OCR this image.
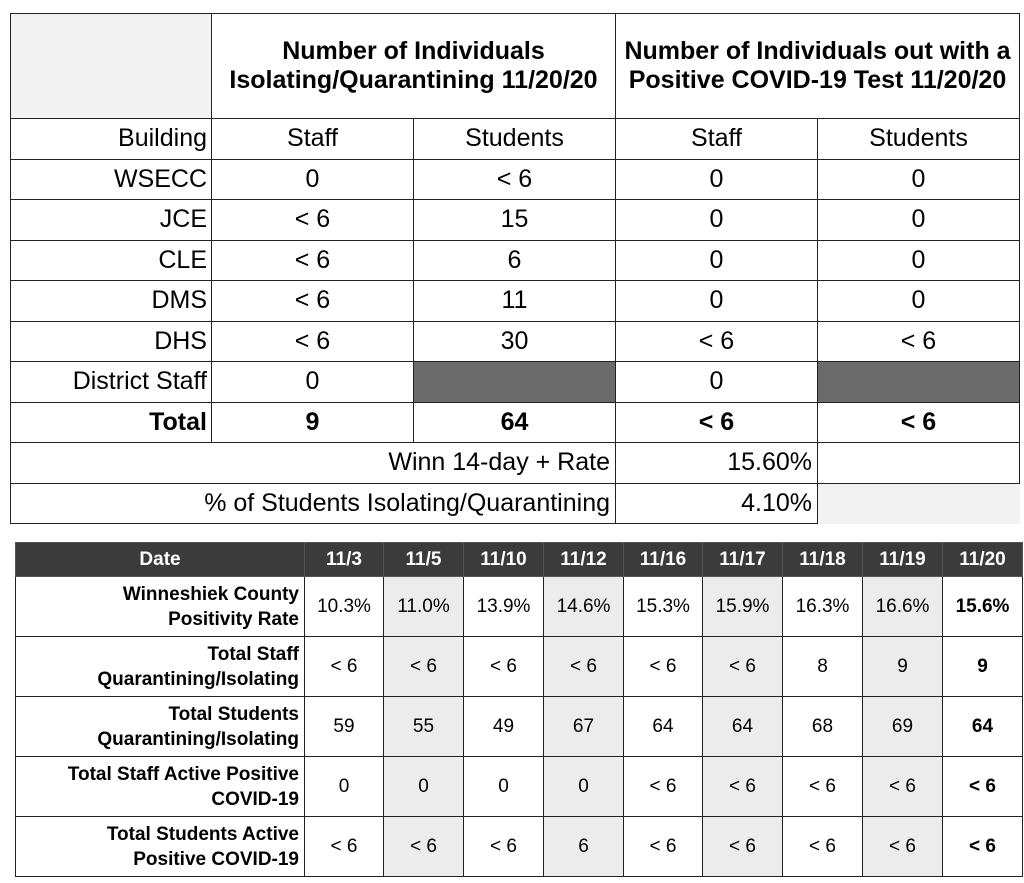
	Number of Individuals Isolating/Quarantining 11/20/20		Number of Individuals out with a Positive COVID-19 Test 11/20/20	
Building	Staff	Students	Staff	Students
WSECC	0	< 6	0	0
JCE	< 6	15	0	0
CLE	< 6	6	0	0
DMS	< 6	11	0	0
DHS	< 6	30	< 6	< 6
District Staff	0		0	
Total	9	64	< 6	< 6
Winn 14-day + Rate			15.60%	
% of Students Isolating/Quarantining			4.10%	
Date	11/3	11/5	11/10	11/12	11/16	11/17	11/18	11/19	11/20
Winneshiek County
Positivity Rate	10.3%	11.0%	13.9%	14.6%	15.3%	15.9%	16.3%	16.6%	15.6%
Total Staff
Quarantining/Isolating	< 6	< 6	< 6	< 6	< 6	< 6	8	9	9
Total Students
Quarantining/Isolating	59	55	49	67	64	64	68	69	64
Total Staff Active Positive
COVID-19	0	0	0	0	< 6	< 6	< 6	< 6	< 6
Total Students Active
Positive COVID-19	< 6	< 6	< 6	6	< 6	< 6	< 6	< 6	< 6
